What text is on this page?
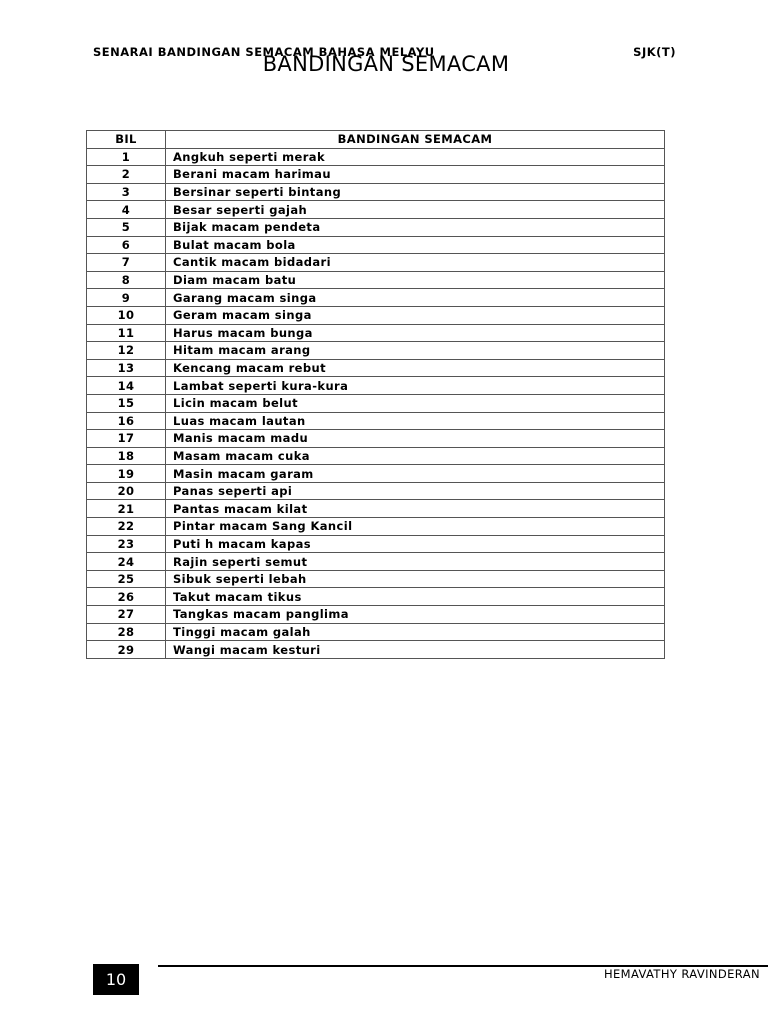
SENARAI BANDINGAN SEMACAM BAHASA MELAYU	SJK(T)
BANDINGAN SEMACAM
BIL	BANDINGAN SEMACAM
1	Angkuh seperti merak
2	Berani macam harimau
3	Bersinar seperti bintang
4	Besar seperti gajah
5	Bijak macam pendeta
6	Bulat macam bola
7	Cantik macam bidadari
8	Diam macam batu
9	Garang macam singa
10	Geram macam singa
11	Harus macam bunga
12	Hitam macam arang
13	Kencang macam rebut
14	Lambat seperti kura-kura
15	Licin macam belut
16	Luas macam lautan
17	Manis macam madu
18	Masam macam cuka
19	Masin macam garam
20	Panas seperti api
21	Pantas macam kilat
22	Pintar macam Sang Kancil
23	Puti h macam kapas
24	Rajin seperti semut
25	Sibuk seperti lebah
26	Takut macam tikus
27	Tangkas macam panglima
28	Tinggi macam galah
29	Wangi macam kesturi
10	HEMAVATHY RAVINDERAN
